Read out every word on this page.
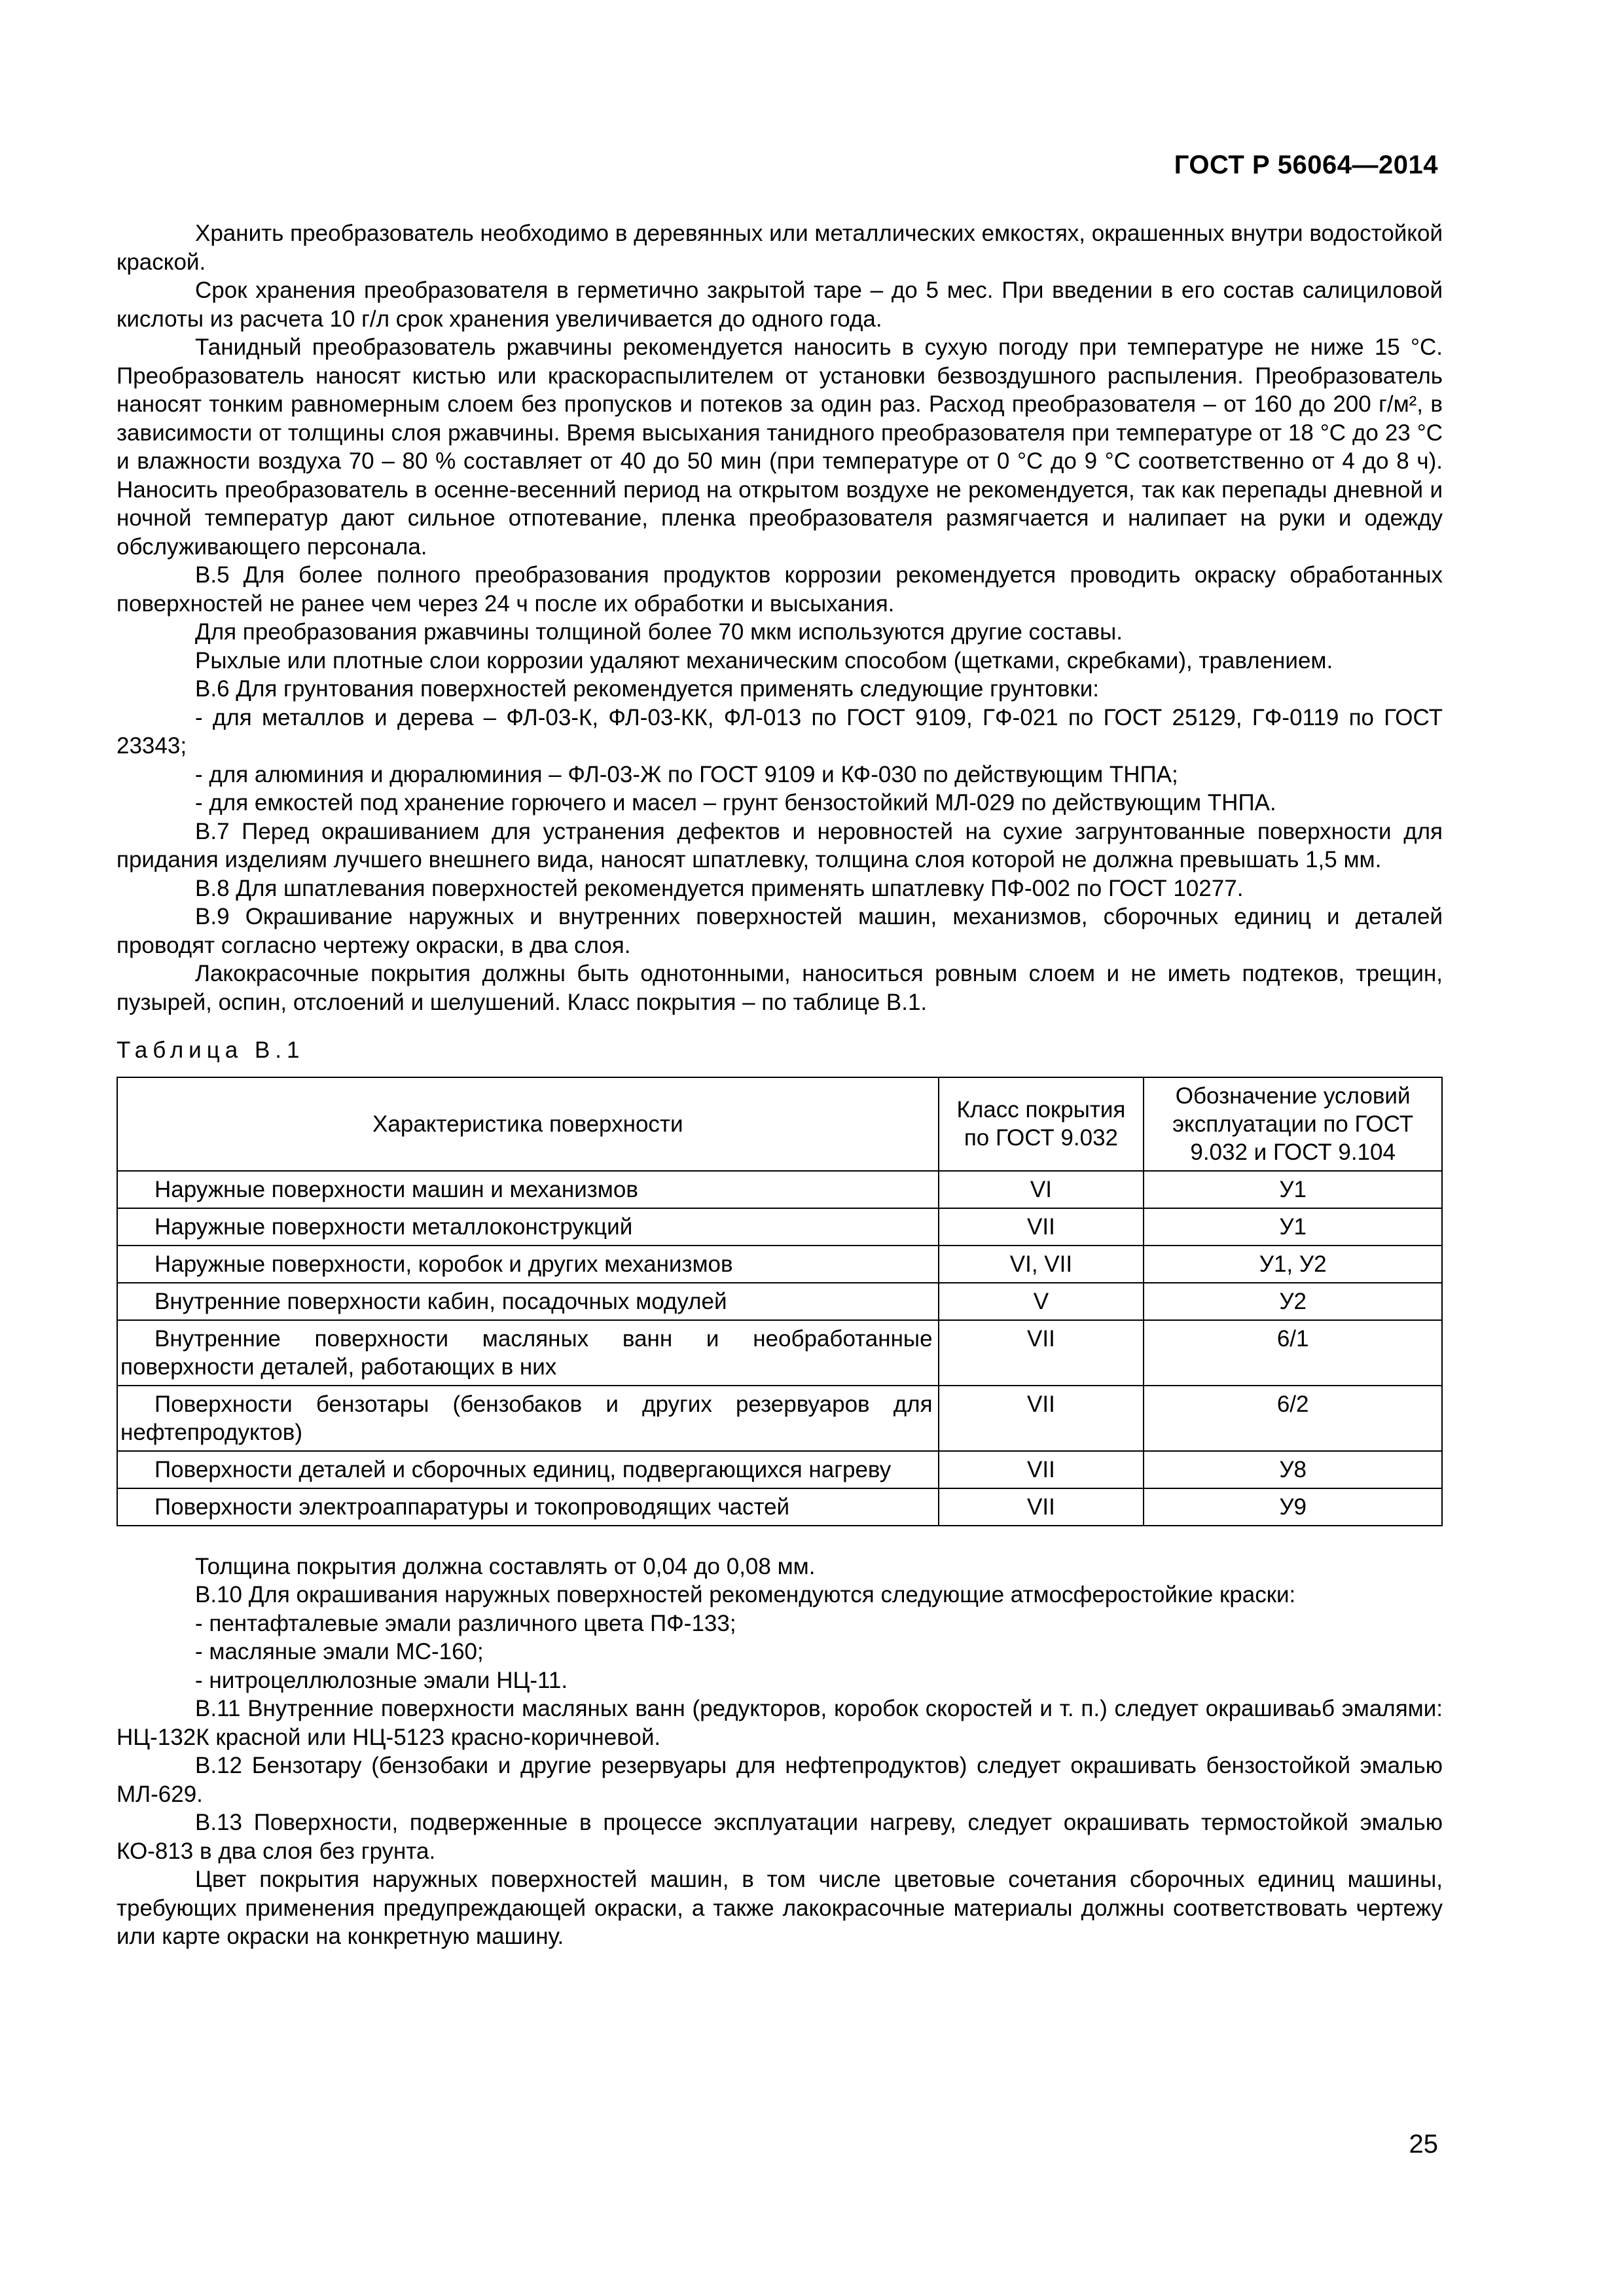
ГОСТ Р 56064—2014

Хранить преобразователь необходимо в деревянных или металлических емкостях, окрашенных внутри водостойкой краской.

Срок хранения преобразователя в герметично закрытой таре – до 5 мес. При введении в его состав салициловой кислоты из расчета 10 г/л срок хранения увеличивается до одного года.

Танидный преобразователь ржавчины рекомендуется наносить в сухую погоду при температуре не ниже 15 °С. Преобразователь наносят кистью или краскораспылителем от установки безвоздушного распыления. Преобразователь наносят тонким равномерным слоем без пропусков и потеков за один раз. Расход преобразователя – от 160 до 200 г/м², в зависимости от толщины слоя ржавчины. Время высыхания танидного преобразователя при температуре от 18 °С до 23 °С и влажности воздуха 70 – 80 % составляет от 40 до 50 мин (при температуре от 0 °С до 9 °С соответственно от 4 до 8 ч). Наносить преобразователь в осенне-весенний период на открытом воздухе не рекомендуется, так как перепады дневной и ночной температур дают сильное отпотевание, пленка преобразователя размягчается и налипает на руки и одежду обслуживающего персонала.

В.5 Для более полного преобразования продуктов коррозии рекомендуется проводить окраску обработанных поверхностей не ранее чем через 24 ч после их обработки и высыхания.

Для преобразования ржавчины толщиной более 70 мкм используются другие составы.

Рыхлые или плотные слои коррозии удаляют механическим способом (щетками, скребками), травлением.

В.6 Для грунтования поверхностей рекомендуется применять следующие грунтовки:

- для металлов и дерева – ФЛ-03-К, ФЛ-03-КК, ФЛ-013 по ГОСТ 9109, ГФ-021 по ГОСТ 25129, ГФ-0119 по ГОСТ 23343;

- для алюминия и дюралюминия – ФЛ-03-Ж по ГОСТ 9109 и КФ-030 по действующим ТНПА;

- для емкостей под хранение горючего и масел – грунт бензостойкий МЛ-029 по действующим ТНПА.

В.7 Перед окрашиванием для устранения дефектов и неровностей на сухие загрунтованные поверхности для придания изделиям лучшего внешнего вида, наносят шпатлевку, толщина слоя которой не должна превышать 1,5 мм.

В.8 Для шпатлевания поверхностей рекомендуется применять шпатлевку ПФ-002 по ГОСТ 10277.

В.9 Окрашивание наружных и внутренних поверхностей машин, механизмов, сборочных единиц и деталей проводят согласно чертежу окраски, в два слоя.

Лакокрасочные покрытия должны быть однотонными, наноситься ровным слоем и не иметь подтеков, трещин, пузырей, оспин, отслоений и шелушений. Класс покрытия – по таблице В.1.

Таблица В.1
Характеристика поверхности	Класс покрытия по ГОСТ 9.032	Обозначение условий эксплуатации по ГОСТ 9.032 и ГОСТ 9.104
Наружные поверхности машин и механизмов	VI	У1
Наружные поверхности металлоконструкций	VII	У1
Наружные поверхности, коробок и других механизмов	VI, VII	У1, У2
Внутренние поверхности кабин, посадочных модулей	V	У2
Внутренние поверхности масляных ванн и необработанные поверхности деталей, работающих в них	VII	6/1
Поверхности бензотары (бензобаков и других резервуаров для нефтепродуктов)	VII	6/2
Поверхности деталей и сборочных единиц, подвергающихся нагреву	VII	У8
Поверхности электроаппаратуры и токопроводящих частей	VII	У9

Толщина покрытия должна составлять от 0,04 до 0,08 мм.

В.10 Для окрашивания наружных поверхностей рекомендуются следующие атмосферостойкие краски:

- пентафталевые эмали различного цвета ПФ-133;

- масляные эмали МС-160;

- нитроцеллюлозные эмали НЦ-11.

В.11 Внутренние поверхности масляных ванн (редукторов, коробок скоростей и т. п.) следует окрашиваьб эмалями: НЦ-132К красной или НЦ-5123 красно-коричневой.

В.12 Бензотару (бензобаки и другие резервуары для нефтепродуктов) следует окрашивать бензостойкой эмалью МЛ-629.

В.13 Поверхности, подверженные в процессе эксплуатации нагреву, следует окрашивать термостойкой эмалью КО-813 в два слоя без грунта.

Цвет покрытия наружных поверхностей машин, в том числе цветовые сочетания сборочных единиц машины, требующих применения предупреждающей окраски, а также лакокрасочные материалы должны соответствовать чертежу или карте окраски на конкретную машину.

25
